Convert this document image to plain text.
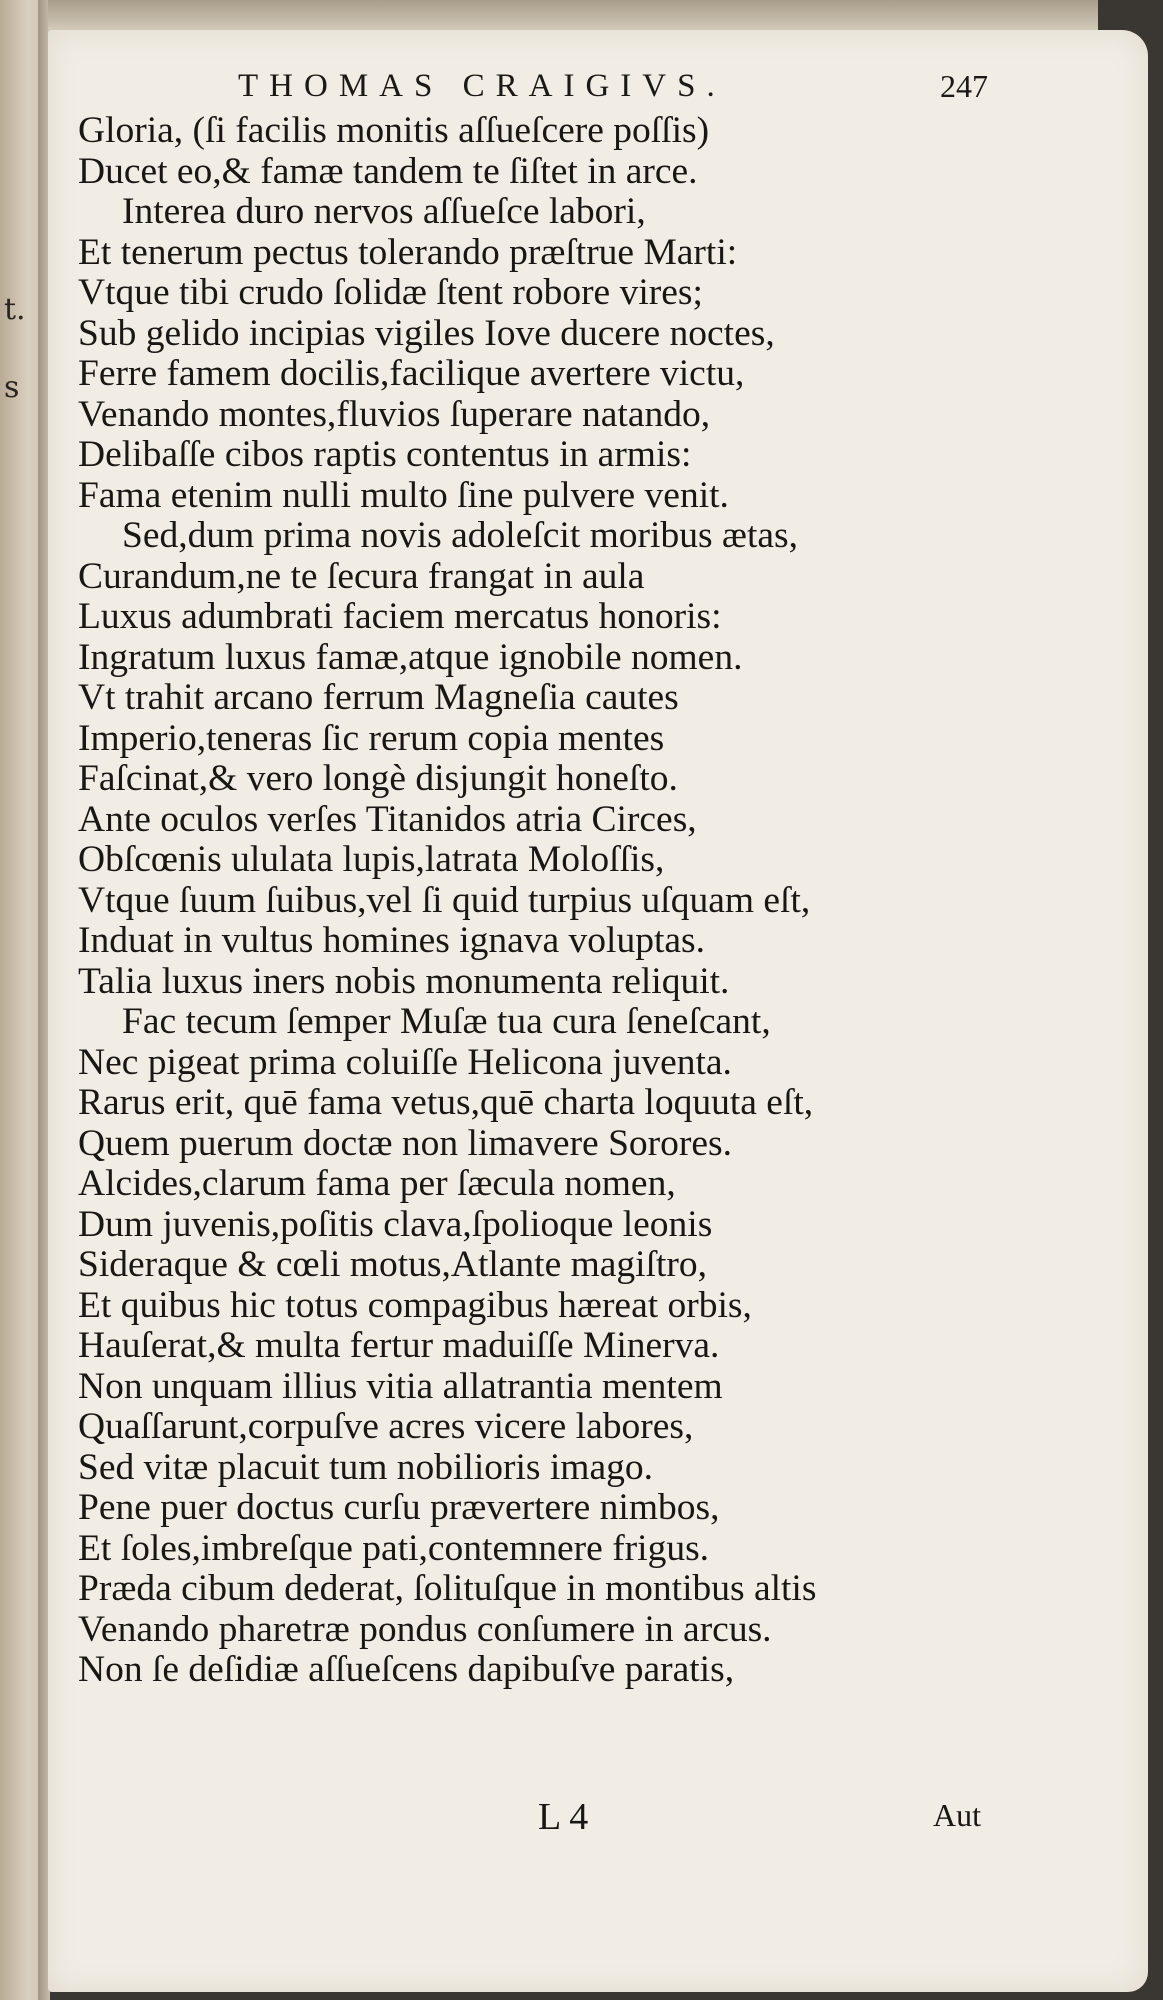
t.
s
THOMAS CRAIGIVS.	247
Gloria, (ſi facilis monitis aſſueſcere poſſis)
Ducet eo,& famæ tandem te ſiſtet in arce.
Interea duro nervos aſſueſce labori,
Et tenerum pectus tolerando præſtrue Marti:
Vtque tibi crudo ſolidæ ſtent robore vires;
Sub gelido incipias vigiles Iove ducere noctes,
Ferre famem docilis,facilique avertere victu,
Venando montes,fluvios ſuperare natando,
Delibaſſe cibos raptis contentus in armis:
Fama etenim nulli multo ſine pulvere venit.
Sed,dum prima novis adoleſcit moribus ætas,
Curandum,ne te ſecura frangat in aula
Luxus adumbrati faciem mercatus honoris:
Ingratum luxus famæ,atque ignobile nomen.
Vt trahit arcano ferrum Magneſia cautes
Imperio,teneras ſic rerum copia mentes
Faſcinat,& vero longè disjungit honeſto.
Ante oculos verſes Titanidos atria Circes,
Obſcœnis ululata lupis,latrata Moloſſis,
Vtque ſuum ſuibus,vel ſi quid turpius uſquam eſt,
Induat in vultus homines ignava voluptas.
Talia luxus iners nobis monumenta reliquit.
Fac tecum ſemper Muſæ tua cura ſeneſcant,
Nec pigeat prima coluiſſe Helicona juventa.
Rarus erit, quē fama vetus,quē charta loquuta eſt,
Quem puerum doctæ non limavere Sorores.
Alcides,clarum fama per ſæcula nomen,
Dum juvenis,poſitis clava,ſpolioque leonis
Sideraque & cœli motus,Atlante magiſtro,
Et quibus hic totus compagibus hæreat orbis,
Hauſerat,& multa fertur maduiſſe Minerva.
Non unquam illius vitia allatrantia mentem
Quaſſarunt,corpuſve acres vicere labores,
Sed vitæ placuit tum nobilioris imago.
Pene puer doctus curſu prævertere nimbos,
Et ſoles,imbreſque pati,contemnere frigus.
Præda cibum dederat, ſolituſque in montibus altis
Venando pharetræ pondus conſumere in arcus.
Non ſe deſidiæ aſſueſcens dapibuſve paratis,
L 4	Aut
